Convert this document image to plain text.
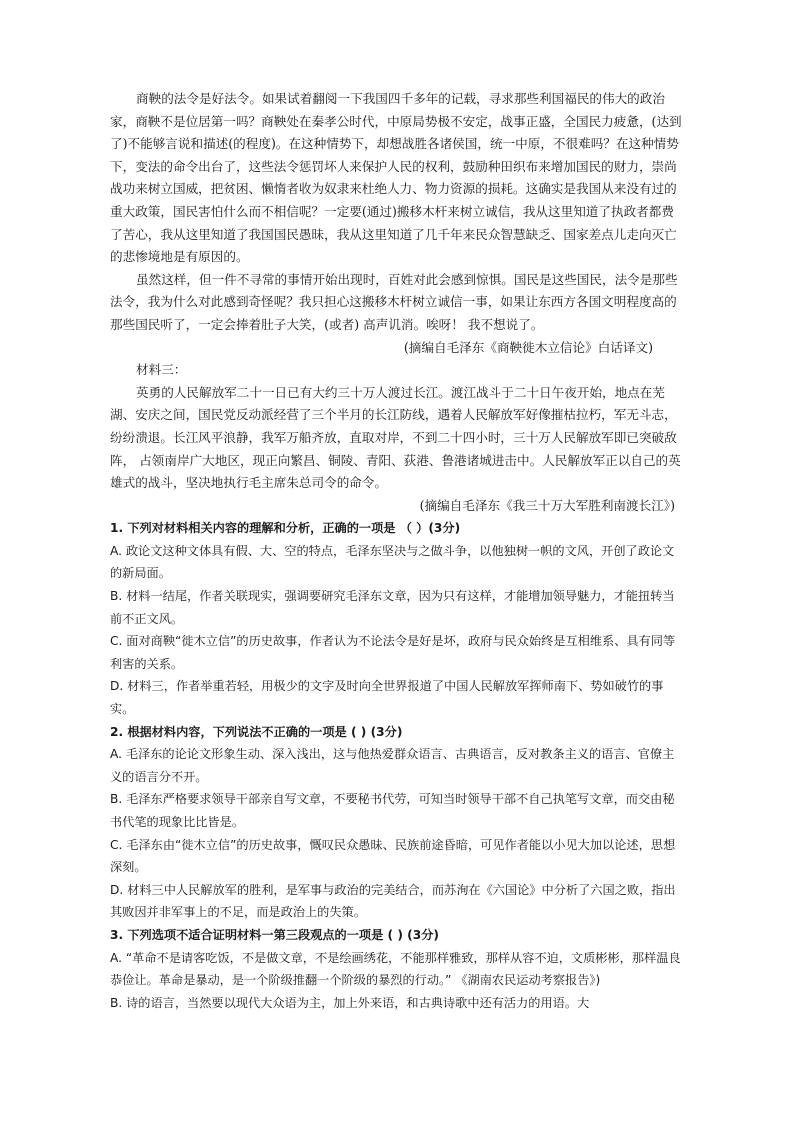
商鞅的法令是好法令。如果试着翻阅一下我国四千多年的记载，寻求那些利国福民的伟大的政治家，商鞅不是位居第一吗？商鞅处在秦孝公时代，中原局势极不安定，战事正盛，全国民力疲惫，(达到了)不能够言说和描述(的程度)。在这种情势下，却想战胜各诸侯国，统一中原，不很难吗？在这种情势下，变法的命令出台了，这些法令惩罚坏人来保护人民的权利，鼓励种田织布来增加国民的财力，崇尚战功来树立国威，把贫困、懒惰者收为奴隶来杜绝人力、物力资源的损耗。这确实是我国从来没有过的重大政策，国民害怕什么而不相信呢？一定要(通过)搬移木杆来树立诚信，我从这里知道了执政者都费了苦心，我从这里知道了我国国民愚昧，我从这里知道了几千年来民众智慧缺乏、国家差点儿走向灭亡的悲惨境地是有原因的。

虽然这样，但一件不寻常的事情开始出现时，百姓对此会感到惊惧。国民是这些国民，法令是那些法令，我为什么对此感到奇怪呢？我只担心这搬移木杆树立诚信一事，如果让东西方各国文明程度高的那些国民听了，一定会捧着肚子大笑，(或者) 高声讥消。唉呀！ 我不想说了。

(摘编自毛泽东《商鞅徙木立信论》白话译文)

材料三：

英勇的人民解放军二十一日已有大约三十万人渡过长江。渡江战斗于二十日午夜开始，地点在芜湖、安庆之间，国民党反动派经营了三个半月的长江防线，遇着人民解放军好像摧枯拉朽，军无斗志，纷纷溃退。长江风平浪静，我军万船齐放，直取对岸，不到二十四小时，三十万人民解放军即已突破敌阵， 占领南岸广大地区，现正向繁昌、铜陵、青阳、荻港、鲁港诸城进击中。人民解放军正以自己的英雄式的战斗，坚决地执行毛主席朱总司令的命令。

(摘编自毛泽东《我三十万大军胜利南渡长江》)

1. 下列对材料相关内容的理解和分析，正确的一项是 （ ）(3分)

A. 政论文这种文体具有假、大、空的特点，毛泽东坚决与之做斗争，以他独树一帜的文风，开创了政论文的新局面。

B. 材料一结尾，作者关联现实，强调要研究毛泽东文章，因为只有这样，才能增加领导魅力，才能扭转当前不正文风。

C. 面对商鞅“徙木立信”的历史故事，作者认为不论法令是好是坏，政府与民众始终是互相维系、具有同等利害的关系。

D. 材料三，作者举重若轻，用极少的文字及时向全世界报道了中国人民解放军挥师南下、势如破竹的事实。

2. 根据材料内容，下列说法不正确的一项是 ( ) (3分)

A. 毛泽东的论论文形象生动、深入浅出，这与他热爱群众语言、古典语言，反对教条主义的语言、官僚主义的语言分不开。

B. 毛泽东严格要求领导干部亲自写文章，不要秘书代劳，可知当时领导干部不自己执笔写文章，而交由秘书代笔的现象比比皆是。

C. 毛泽东由“徙木立信”的历史故事，慨叹民众愚昧、民族前途昏暗，可见作者能以小见大加以论述，思想深刻。

D. 材料三中人民解放军的胜利，是军事与政治的完美结合，而苏洵在《六国论》中分析了六国之败，指出其败因并非军事上的不足，而是政治上的失策。

3. 下列选项不适合证明材料一第三段观点的一项是 ( ) (3分)

A. “革命不是请客吃饭，不是做文章，不是绘画绣花，不能那样雅致，那样从容不迫，文质彬彬，那样温良恭俭让。革命是暴动，是一个阶级推翻一个阶级的暴烈的行动。” 《湖南农民运动考察报告》)

B. 诗的语言，当然要以现代大众语为主，加上外来语，和古典诗歌中还有活力的用语。大
